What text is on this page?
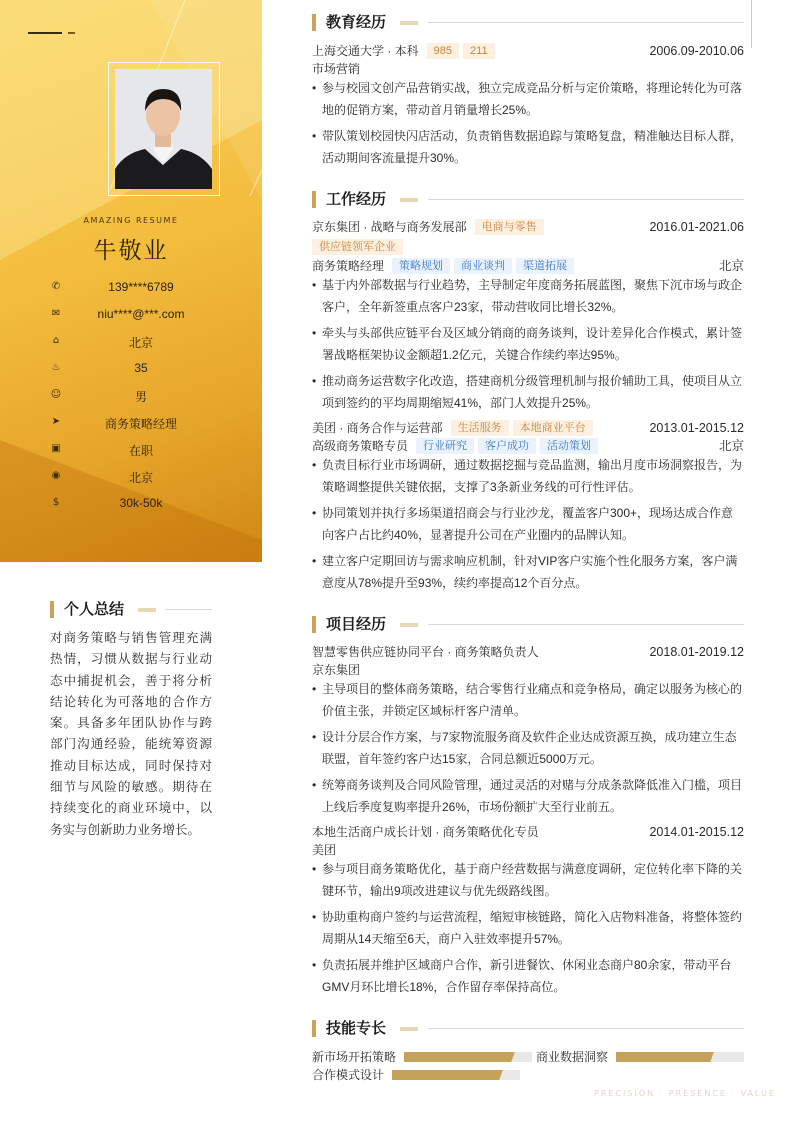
AMAZING RESUME
牛敬业
✆	139****6789
✉	niu****@***.com
⌂	北京
♨	35
☺	男
➤	商务策略经理
▣	在职
◉	北京
$	30k-50k
个人总结
对商务策略与销售管理充满热情，习惯从数据与行业动态中捕捉机会，善于将分析结论转化为可落地的合作方案。具备多年团队协作与跨部门沟通经验，能统筹资源推动目标达成，同时保持对细节与风险的敏感。期待在持续变化的商业环境中，以务实与创新助力业务增长。
教育经历
上海交通大学 · 本科 985 211	2006.09-2010.06
市场营销
• 参与校园文创产品营销实战，独立完成竞品分析与定价策略，将理论转化为可落地的促销方案，带动首月销量增长25%。
• 带队策划校园快闪店活动，负责销售数据追踪与策略复盘，精准触达目标人群，活动期间客流量提升30%。
工作经历
京东集团 · 战略与商务发展部 电商与零售	2016.01-2021.06
供应链领军企业
商务策略经理 策略规划 商业谈判 渠道拓展	北京
• 基于内外部数据与行业趋势，主导制定年度商务拓展蓝图，聚焦下沉市场与政企客户，全年新签重点客户23家，带动营收同比增长32%。
• 牵头与头部供应链平台及区域分销商的商务谈判，设计差异化合作模式，累计签署战略框架协议金额超1.2亿元，关键合作续约率达95%。
• 推动商务运营数字化改造，搭建商机分级管理机制与报价辅助工具，使项目从立项到签约的平均周期缩短41%，部门人效提升25%。
美团 · 商务合作与运营部 生活服务 本地商业平台	2013.01-2015.12
高级商务策略专员 行业研究 客户成功 活动策划	北京
• 负责目标行业市场调研，通过数据挖掘与竞品监测，输出月度市场洞察报告，为策略调整提供关键依据，支撑了3条新业务线的可行性评估。
• 协同策划并执行多场渠道招商会与行业沙龙，覆盖客户300+，现场达成合作意向客户占比约40%，显著提升公司在产业圈内的品牌认知。
• 建立客户定期回访与需求响应机制，针对VIP客户实施个性化服务方案，客户满意度从78%提升至93%，续约率提高12个百分点。
项目经历
智慧零售供应链协同平台 · 商务策略负责人	2018.01-2019.12
京东集团
• 主导项目的整体商务策略，结合零售行业痛点和竞争格局，确定以服务为核心的价值主张，并锁定区域标杆客户清单。
• 设计分层合作方案，与7家物流服务商及软件企业达成资源互换，成功建立生态联盟，首年签约客户达15家，合同总额近5000万元。
• 统筹商务谈判及合同风险管理，通过灵活的对赌与分成条款降低准入门槛，项目上线后季度复购率提升26%，市场份额扩大至行业前五。
本地生活商户成长计划 · 商务策略优化专员	2014.01-2015.12
美团
• 参与项目商务策略优化，基于商户经营数据与满意度调研，定位转化率下降的关键环节，输出9项改进建议与优先级路线图。
• 协助重构商户签约与运营流程，缩短审核链路，简化入店物料准备，将整体签约周期从14天缩至6天，商户入驻效率提升57%。
• 负责拓展并维护区域商户合作，新引进餐饮、休闲业态商户80余家，带动平台GMV月环比增长18%，合作留存率保持高位。
技能专长
新市场开拓策略	商业数据洞察
合作模式设计
PRECISION · PRESENCE · VALUE
